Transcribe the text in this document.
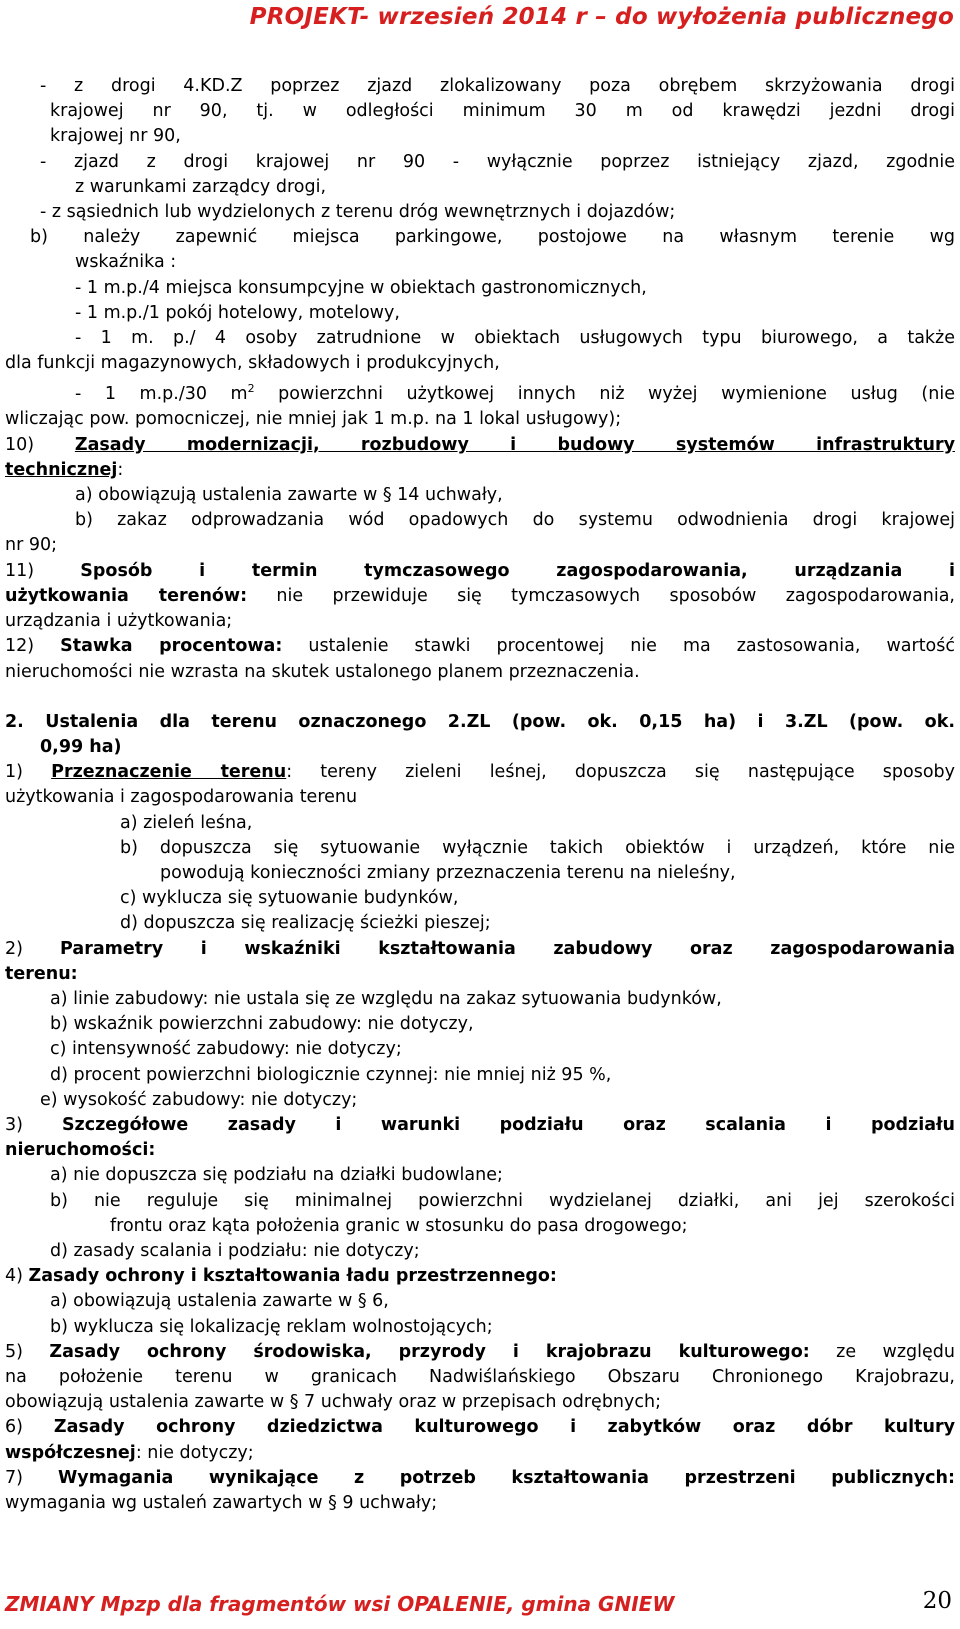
PROJEKT- wrzesień 2014 r – do wyłożenia publicznego

- z drogi 4.KD.Z poprzez zjazd zlokalizowany poza obrębem skrzyżowania drogi

krajowej nr 90, tj. w odległości minimum 30 m od krawędzi jezdni drogi

krajowej nr 90,

- zjazd z drogi krajowej nr 90 - wyłącznie poprzez istniejący zjazd, zgodnie

z warunkami zarządcy drogi,

- z sąsiednich lub wydzielonych z terenu dróg wewnętrznych i dojazdów;

b) należy zapewnić miejsca parkingowe, postojowe na własnym terenie wg

wskaźnika :

- 1 m.p./4 miejsca konsumpcyjne w obiektach gastronomicznych,

- 1 m.p./1 pokój hotelowy, motelowy,

- 1 m. p./ 4 osoby zatrudnione w obiektach usługowych typu biurowego, a także

dla funkcji magazynowych, składowych i produkcyjnych,

- 1 m.p./30 $m^2$ powierzchni użytkowej innych niż wyżej wymienione usług (nie

wliczając pow. pomocniczej, nie mniej jak 1 m.p. na 1 lokal usługowy);

10) Zasady modernizacji, rozbudowy i budowy systemów infrastruktury

technicznej:

a) obowiązują ustalenia zawarte w § 14 uchwały,

b) zakaz odprowadzania wód opadowych do systemu odwodnienia drogi krajowej

nr 90;

11) Sposób i termin tymczasowego zagospodarowania, urządzania i

użytkowania terenów: nie przewiduje się tymczasowych sposobów zagospodarowania,

urządzania i użytkowania;

12) Stawka procentowa: ustalenie stawki procentowej nie ma zastosowania, wartość

nieruchomości nie wzrasta na skutek ustalonego planem przeznaczenia.

2. Ustalenia dla terenu oznaczonego 2.ZL (pow. ok. 0,15 ha) i 3.ZL (pow. ok.

0,99 ha)

1) Przeznaczenie terenu: tereny zieleni leśnej, dopuszcza się następujące sposoby

użytkowania i zagospodarowania terenu

a) zieleń leśna,

b) dopuszcza się sytuowanie wyłącznie takich obiektów i urządzeń, które nie

powodują konieczności zmiany przeznaczenia terenu na nieleśny,

c) wyklucza się sytuowanie budynków,

d) dopuszcza się realizację ścieżki pieszej;

2) Parametry i wskaźniki kształtowania zabudowy oraz zagospodarowania

terenu:

a) linie zabudowy: nie ustala się ze względu na zakaz sytuowania budynków,

b) wskaźnik powierzchni zabudowy: nie dotyczy,

c) intensywność zabudowy: nie dotyczy;

d) procent powierzchni biologicznie czynnej: nie mniej niż 95 %,

e) wysokość zabudowy: nie dotyczy;

3) Szczegółowe zasady i warunki podziału oraz scalania i podziału

nieruchomości:

a) nie dopuszcza się podziału na działki budowlane;

b) nie reguluje się minimalnej powierzchni wydzielanej działki, ani jej szerokości

frontu oraz kąta położenia granic w stosunku do pasa drogowego;

d) zasady scalania i podziału: nie dotyczy;

4) Zasady ochrony i kształtowania ładu przestrzennego:

a) obowiązują ustalenia zawarte w § 6,

b) wyklucza się lokalizację reklam wolnostojących;

5) Zasady ochrony środowiska, przyrody i krajobrazu kulturowego: ze względu

na położenie terenu w granicach Nadwiślańskiego Obszaru Chronionego Krajobrazu,

obowiązują ustalenia zawarte w § 7 uchwały oraz w przepisach odrębnych;

6) Zasady ochrony dziedzictwa kulturowego i zabytków oraz dóbr kultury

współczesnej: nie dotyczy;

7) Wymagania wynikające z potrzeb kształtowania przestrzeni publicznych:

wymagania wg ustaleń zawartych w § 9 uchwały;

ZMIANY Mpzp dla fragmentów wsi OPALENIE, gmina GNIEW	20
